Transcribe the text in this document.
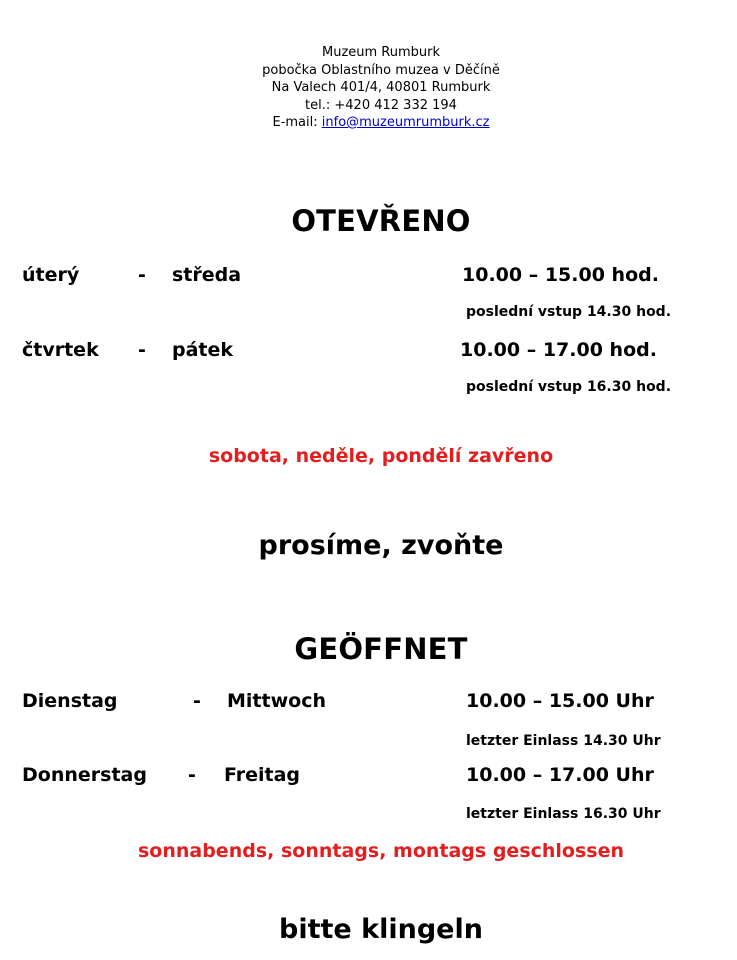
Muzeum Rumburk
pobočka Oblastního muzea v Děčíně
Na Valech 401/4, 40801 Rumburk
tel.: +420 412 332 194
E-mail: info@muzeumrumburk.cz
OTEVŘENO
úterý	- středa	10.00 – 15.00 hod.
poslední vstup 14.30 hod.
čtvrtek - pátek	10.00 – 17.00 hod.
poslední vstup 16.30 hod.
sobota, neděle, pondělí zavřeno
prosíme, zvoňte
GEÖFFNET
Dienstag	- Mittwoch	10.00 – 15.00 Uhr
letzter Einlass 14.30 Uhr
Donnerstag - Freitag	10.00 – 17.00 Uhr
letzter Einlass 16.30 Uhr
sonnabends, sonntags, montags geschlossen
bitte klingeln
